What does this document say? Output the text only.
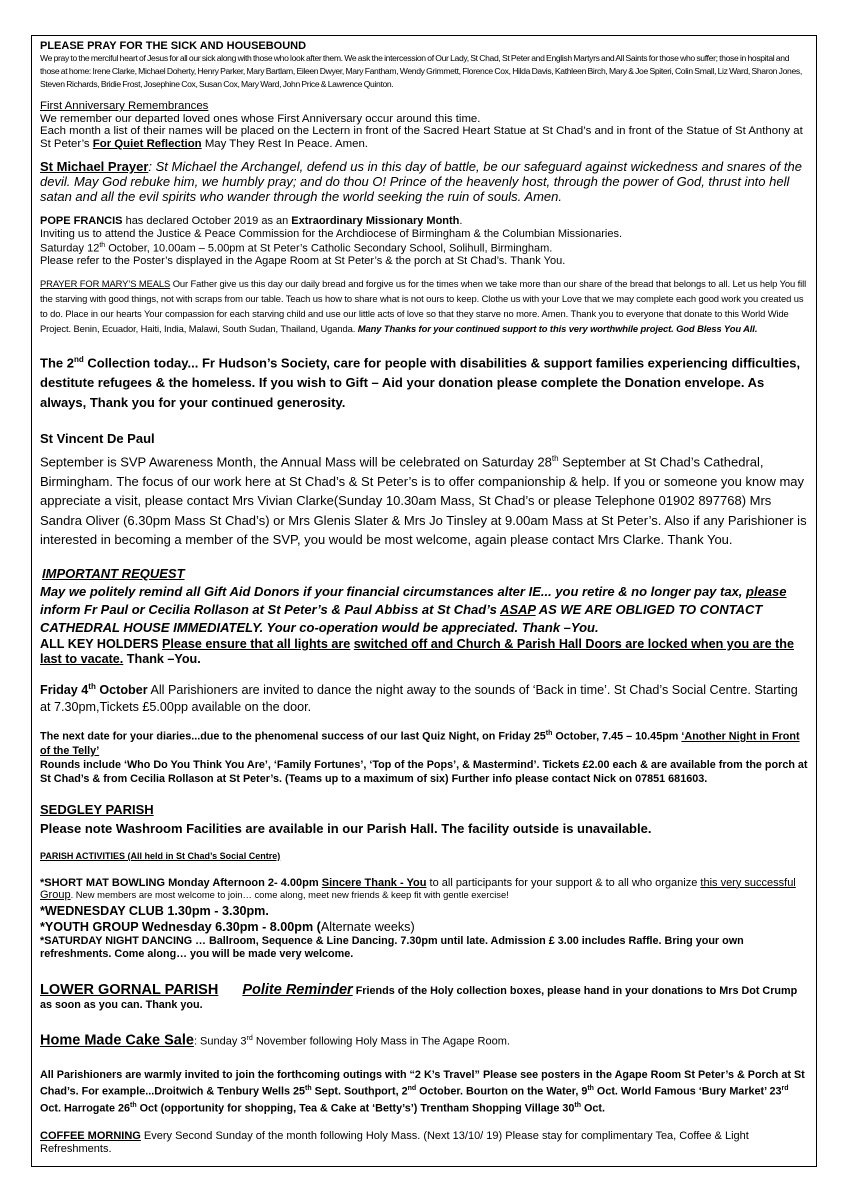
PLEASE PRAY FOR THE SICK AND HOUSEBOUND

We pray to the merciful heart of Jesus for all our sick along with those who look after them. We ask the intercession of Our Lady, St Chad, St Peter and English Martyrs and All Saints for those who suffer; those in hospital and those at home: Irene Clarke, Michael Doherty, Henry Parker, Mary Bartlam, Eileen Dwyer, Mary Fantham, Wendy Grimmett, Florence Cox, Hilda Davis, Kathleen Birch, Mary & Joe Spiteri, Colin Small, Liz Ward, Sharon Jones, Steven Richards, Bridie Frost, Josephine Cox, Susan Cox, Mary Ward, John Price & Lawrence Quinton.

First Anniversary Remembrances

We remember our departed loved ones whose First Anniversary occur around this time.

Each month a list of their names will be placed on the Lectern in front of the Sacred Heart Statue at St Chad’s and in front of the Statue of St Anthony at St Peter’s For Quiet Reflection May They Rest In Peace. Amen.

St Michael Prayer: St Michael the Archangel, defend us in this day of battle, be our safeguard against wickedness and snares of the devil. May God rebuke him, we humbly pray; and do thou O! Prince of the heavenly host, through the power of God, thrust into hell satan and all the evil spirits who wander through the world seeking the ruin of souls. Amen.

POPE FRANCIS has declared October 2019 as an Extraordinary Missionary Month.

Inviting us to attend the Justice & Peace Commission for the Archdiocese of Birmingham & the Columbian Missionaries.

Saturday 12th October, 10.00am – 5.00pm at St Peter’s Catholic Secondary School, Solihull, Birmingham.

Please refer to the Poster’s displayed in the Agape Room at St Peter’s & the porch at St Chad’s. Thank You.

PRAYER FOR MARY’S MEALS Our Father give us this day our daily bread and forgive us for the times when we take more than our share of the bread that belongs to all. Let us help You fill the starving with good things, not with scraps from our table. Teach us how to share what is not ours to keep. Clothe us with your Love that we may complete each good work you created us to do. Place in our hearts Your compassion for each starving child and use our little acts of love so that they starve no more. Amen. Thank you to everyone that donate to this World Wide Project. Benin, Ecuador, Haiti, India, Malawi, South Sudan, Thailand, Uganda. Many Thanks for your continued support to this very worthwhile project. God Bless You All.

The 2nd Collection today... Fr Hudson’s Society, care for people with disabilities & support families experiencing difficulties, destitute refugees & the homeless. If you wish to Gift – Aid your donation please complete the Donation envelope. As always, Thank you for your continued generosity.

St Vincent De Paul

September is SVP Awareness Month, the Annual Mass will be celebrated on Saturday 28th September at St Chad’s Cathedral, Birmingham. The focus of our work here at St Chad’s & St Peter’s is to offer companionship & help. If you or someone you know may appreciate a visit, please contact Mrs Vivian Clarke(Sunday 10.30am Mass, St Chad’s or please Telephone 01902 897768) Mrs Sandra Oliver (6.30pm Mass St Chad’s) or Mrs Glenis Slater & Mrs Jo Tinsley at 9.00am Mass at St Peter’s. Also if any Parishioner is interested in becoming a member of the SVP, you would be most welcome, again please contact Mrs Clarke. Thank You.

IMPORTANT REQUEST

May we politely remind all Gift Aid Donors if your financial circumstances alter IE... you retire & no longer pay tax, please inform Fr Paul or Cecilia Rollason at St Peter’s & Paul Abbiss at St Chad’s ASAP AS WE ARE OBLIGED TO CONTACT CATHEDRAL HOUSE IMMEDIATELY. Your co-operation would be appreciated. Thank –You.

ALL KEY HOLDERS Please ensure that all lights are switched off and Church & Parish Hall Doors are locked when you are the last to vacate. Thank –You.

Friday 4th October All Parishioners are invited to dance the night away to the sounds of ‘Back in time’. St Chad’s Social Centre. Starting at 7.30pm,Tickets £5.00pp available on the door.

The next date for your diaries...due to the phenomenal success of our last Quiz Night, on Friday 25th October, 7.45 – 10.45pm ‘Another Night in Front of the Telly’

Rounds include ‘Who Do You Think You Are’, ‘Family Fortunes’, ‘Top of the Pops’, & Mastermind’. Tickets £2.00 each & are available from the porch at St Chad’s & from Cecilia Rollason at St Peter’s. (Teams up to a maximum of six) Further info please contact Nick on 07851 681603.

SEDGLEY PARISH

Please note Washroom Facilities are available in our Parish Hall. The facility outside is unavailable.

PARISH ACTIVITIES (All held in St Chad’s Social Centre)

*SHORT MAT BOWLING Monday Afternoon 2- 4.00pm Sincere Thank - You to all participants for your support & to all who organize this very successful Group. New members are most welcome to join… come along, meet new friends & keep fit with gentle exercise!

*WEDNESDAY CLUB 1.30pm - 3.30pm.

*YOUTH GROUP Wednesday 6.30pm - 8.00pm (Alternate weeks)

*SATURDAY NIGHT DANCING … Ballroom, Sequence & Line Dancing. 7.30pm until late. Admission £ 3.00 includes Raffle. Bring your own refreshments. Come along… you will be made very welcome.

LOWER GORNAL PARISH Polite Reminder Friends of the Holy collection boxes, please hand in your donations to Mrs Dot Crump as soon as you can. Thank you.

Home Made Cake Sale: Sunday 3rd November following Holy Mass in The Agape Room.

All Parishioners are warmly invited to join the forthcoming outings with “2 K’s Travel” Please see posters in the Agape Room St Peter’s & Porch at St Chad’s. For example...Droitwich & Tenbury Wells 25th Sept. Southport, 2nd October. Bourton on the Water, 9th Oct. World Famous ‘Bury Market’ 23rd Oct. Harrogate 26th Oct (opportunity for shopping, Tea & Cake at ‘Betty’s’) Trentham Shopping Village 30th Oct.

COFFEE MORNING Every Second Sunday of the month following Holy Mass. (Next 13/10/ 19) Please stay for complimentary Tea, Coffee & Light Refreshments.
